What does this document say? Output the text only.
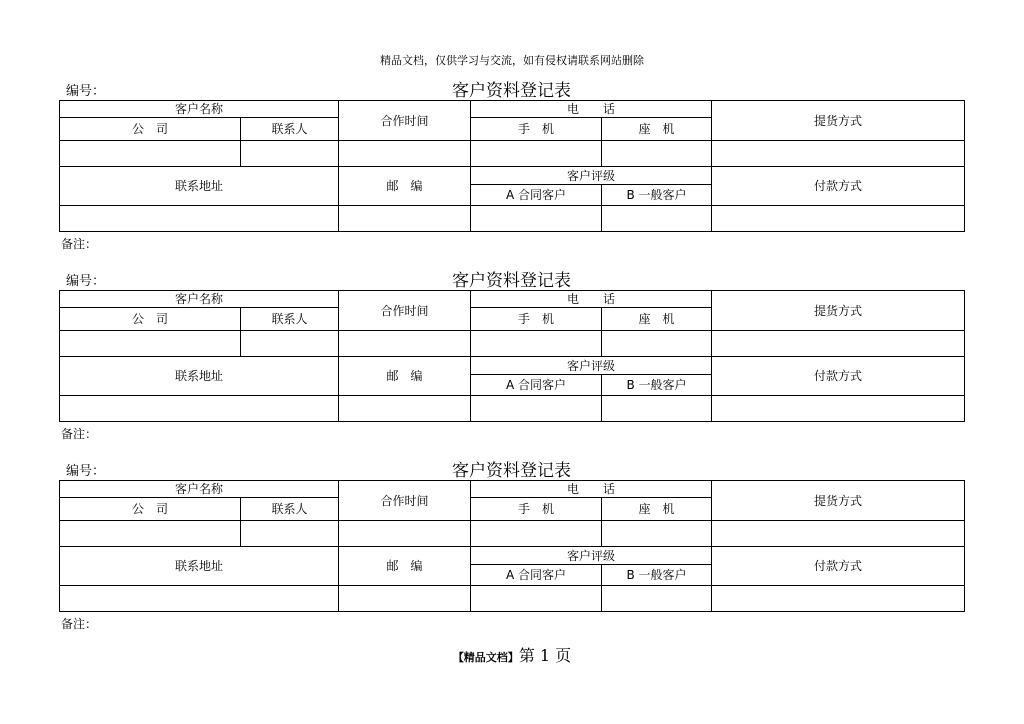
精品文档，仅供学习与交流，如有侵权请联系网站删除
编号：	客户资料登记表
客户名称		合作时间	电　　话		提货方式
公　司	联系人		手　机	座　机	

联系地址		邮　编	客户评级		付款方式
			A 合同客户	B 一般客户	

备注：
编号：	客户资料登记表
客户名称		合作时间	电　　话		提货方式
公　司	联系人		手　机	座　机	

联系地址		邮　编	客户评级		付款方式
			A 合同客户	B 一般客户	

备注：
编号：	客户资料登记表
客户名称		合作时间	电　　话		提货方式
公　司	联系人		手　机	座　机	

联系地址		邮　编	客户评级		付款方式
			A 合同客户	B 一般客户	

备注：
【精品文档】第 1 页
